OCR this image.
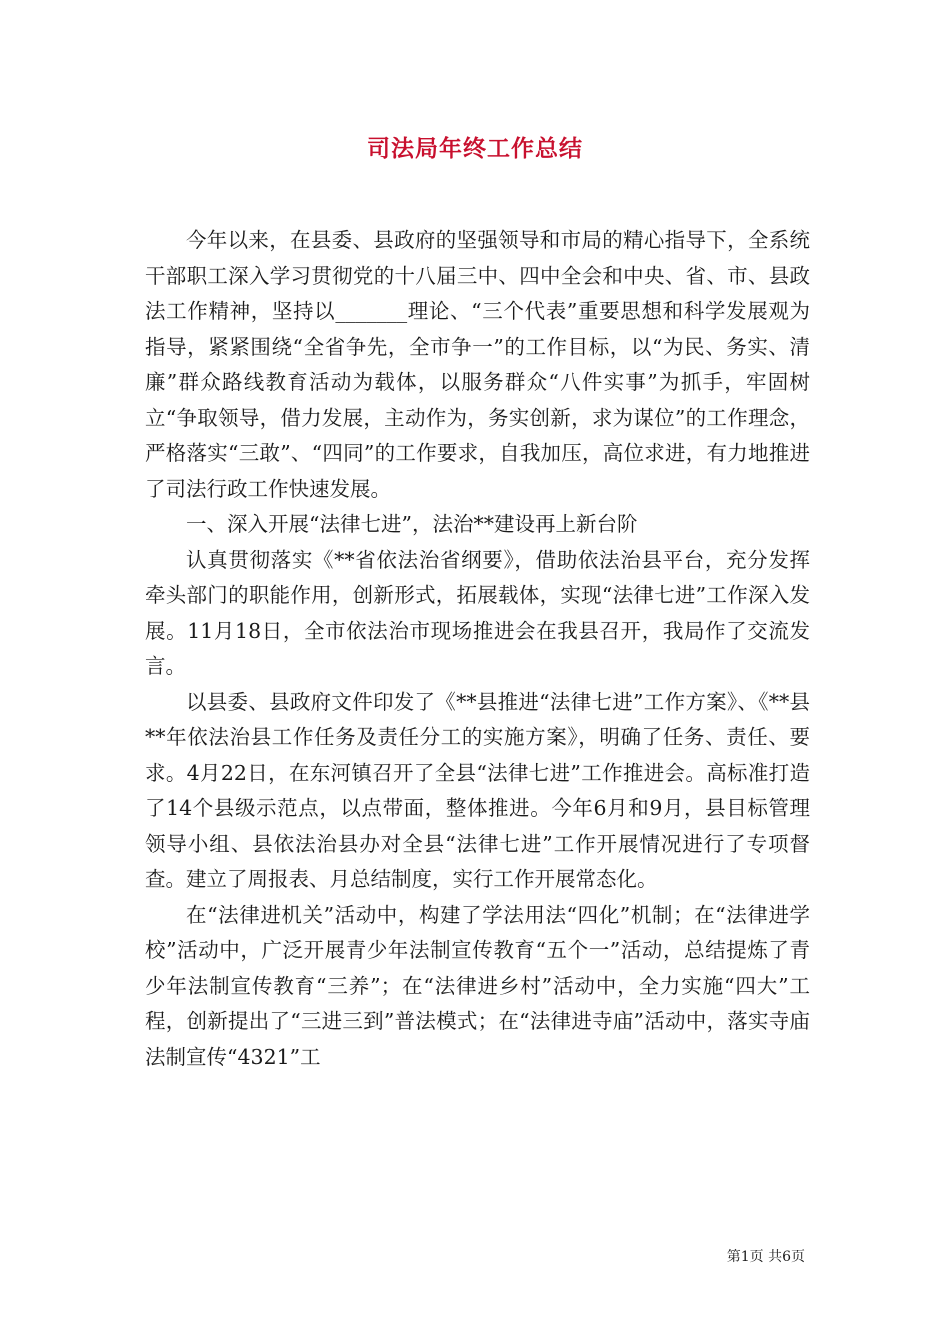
司法局年终工作总结

今年以来，在县委、县政府的坚强领导和市局的精心指导下，全系统干部职工深入学习贯彻党的十八届三中、四中全会和中央、省、市、县政法工作精神，坚持以_______理论、“三个代表”重要思想和科学发展观为指导，紧紧围绕“全省争先，全市争一”的工作目标，以“为民、务实、清廉”群众路线教育活动为载体，以服务群众“八件实事”为抓手，牢固树立“争取领导，借力发展，主动作为，务实创新，求为谋位”的工作理念，严格落实“三敢”、“四同”的工作要求，自我加压，高位求进，有力地推进了司法行政工作快速发展。

一、深入开展“法律七进”，法治**建设再上新台阶

认真贯彻落实《**省依法治省纲要》，借助依法治县平台，充分发挥牵头部门的职能作用，创新形式，拓展载体，实现“法律七进”工作深入发展。11月18日，全市依法治市现场推进会在我县召开，我局作了交流发言。

以县委、县政府文件印发了《**县推进“法律七进”工作方案》、《**县**年依法治县工作任务及责任分工的实施方案》，明确了任务、责任、要求。4月22日，在东河镇召开了全县“法律七进”工作推进会。高标准打造了14个县级示范点，以点带面，整体推进。今年6月和9月，县目标管理领导小组、县依法治县办对全县“法律七进”工作开展情况进行了专项督查。建立了周报表、月总结制度，实行工作开展常态化。

在“法律进机关”活动中，构建了学法用法“四化”机制；在“法律进学校”活动中，广泛开展青少年法制宣传教育“五个一”活动，总结提炼了青少年法制宣传教育“三养”；在“法律进乡村”活动中，全力实施“四大”工程，创新提出了“三进三到”普法模式；在“法律进寺庙”活动中，落实寺庙法制宣传“4321”工

第1页 共6页
